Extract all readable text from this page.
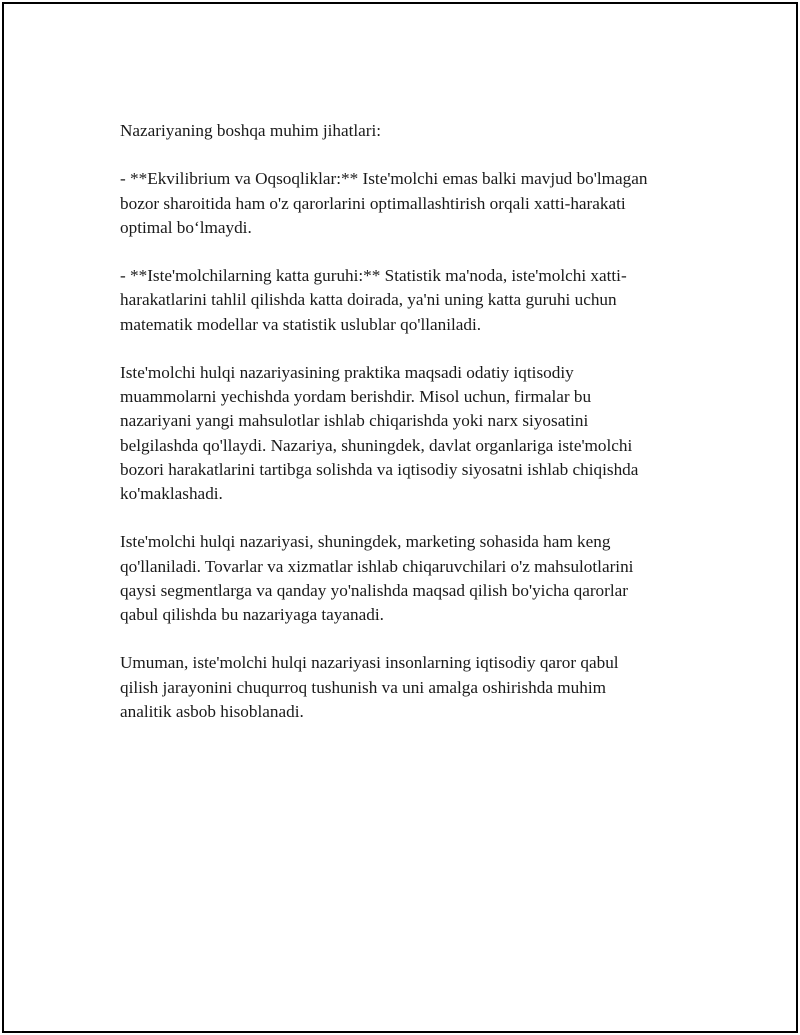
Nazariyaning boshqa muhim jihatlari:

- **Ekvilibrium va Oqsoqliklar:** Iste'molchi emas balki mavjud bo'lmagan
bozor sharoitida ham o'z qarorlarini optimallashtirish orqali xatti-harakati
optimal bo‘lmaydi.

- **Iste'molchilarning katta guruhi:** Statistik ma'noda, iste'molchi xatti-
harakatlarini tahlil qilishda katta doirada, ya'ni uning katta guruhi uchun
matematik modellar va statistik uslublar qo'llaniladi.

Iste'molchi hulqi nazariyasining praktika maqsadi odatiy iqtisodiy
muammolarni yechishda yordam berishdir. Misol uchun, firmalar bu
nazariyani yangi mahsulotlar ishlab chiqarishda yoki narx siyosatini
belgilashda qo'llaydi. Nazariya, shuningdek, davlat organlariga iste'molchi
bozori harakatlarini tartibga solishda va iqtisodiy siyosatni ishlab chiqishda
ko'maklashadi.

Iste'molchi hulqi nazariyasi, shuningdek, marketing sohasida ham keng
qo'llaniladi. Tovarlar va xizmatlar ishlab chiqaruvchilari o'z mahsulotlarini
qaysi segmentlarga va qanday yo'nalishda maqsad qilish bo'yicha qarorlar
qabul qilishda bu nazariyaga tayanadi.

Umuman, iste'molchi hulqi nazariyasi insonlarning iqtisodiy qaror qabul
qilish jarayonini chuqurroq tushunish va uni amalga oshirishda muhim
analitik asbob hisoblanadi.
